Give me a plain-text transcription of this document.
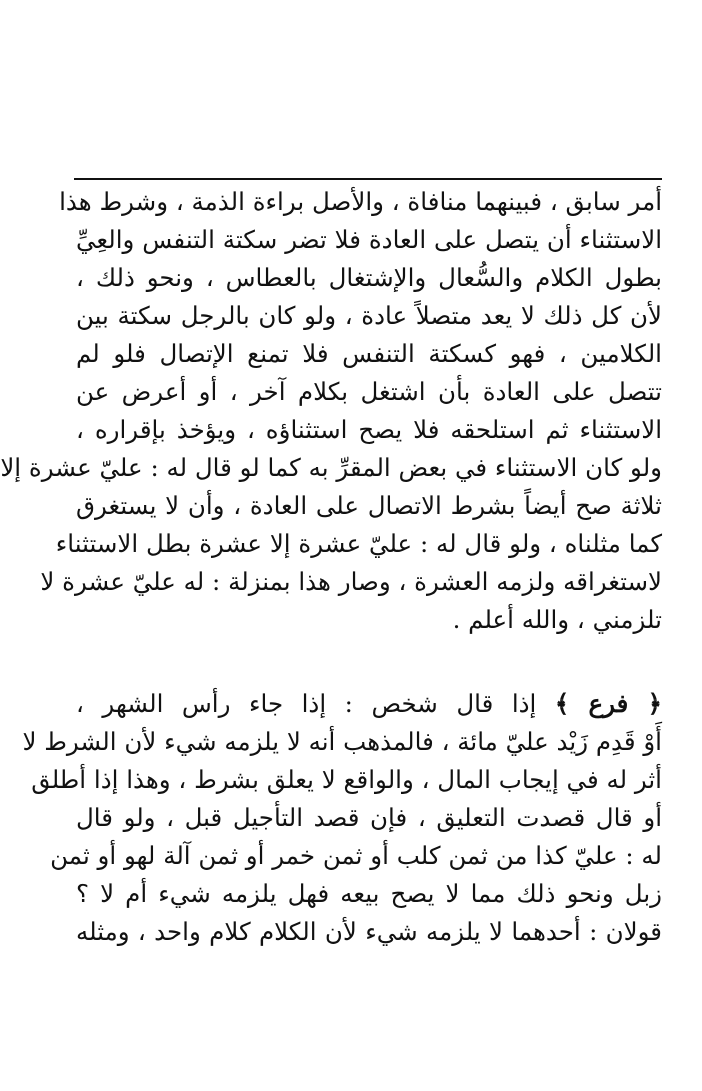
أمر سابق ، فبينهما منافاة ، والأصل براءة الذمة ، وشرط هذا
الاستثناء أن يتصل على العادة فلا تضر سكتة التنفس والعِيِّ
بطول الكلام والسُّعال والإشتغال بالعطاس ، ونحو ذلك ،
لأن كل ذلك لا يعد متصلاً عادة ، ولو كان بالرجل سكتة بين
الكلامين ، فهو كسكتة التنفس فلا تمنع الإتصال فلو لم
تتصل على العادة بأن اشتغل بكلام آخر ، أو أعرض عن
الاستثناء ثم استلحقه فلا يصح استثناؤه ، ويؤخذ بإقراره ،
ولو كان الاستثناء في بعض المقرِّ به كما لو قال له : عليّ عشرة إلا
ثلاثة صح أيضاً بشرط الاتصال على العادة ، وأن لا يستغرق
كما مثلناه ، ولو قال له : عليّ عشرة إلا عشرة بطل الاستثناء
لاستغراقه ولزمه العشرة ، وصار هذا بمنزلة : له عليّ عشرة لا
تلزمني ، والله أعلم .
﴿ فرع ﴾ إذا قال شخص : إذا جاء رأس الشهر ،
أَوْ قَدِم زَيْد عليّ مائة ، فالمذهب أنه لا يلزمه شيء لأن الشرط لا
أثر له في إيجاب المال ، والواقع لا يعلق بشرط ، وهذا إذا أطلق
أو قال قصدت التعليق ، فإن قصد التأجيل قبل ، ولو قال
له : عليّ كذا من ثمن كلب أو ثمن خمر أو ثمن آلة لهو أو ثمن
زبل ونحو ذلك مما لا يصح بيعه فهل يلزمه شيء أم لا ؟
قولان : أحدهما لا يلزمه شيء لأن الكلام كلام واحد ، ومثله
